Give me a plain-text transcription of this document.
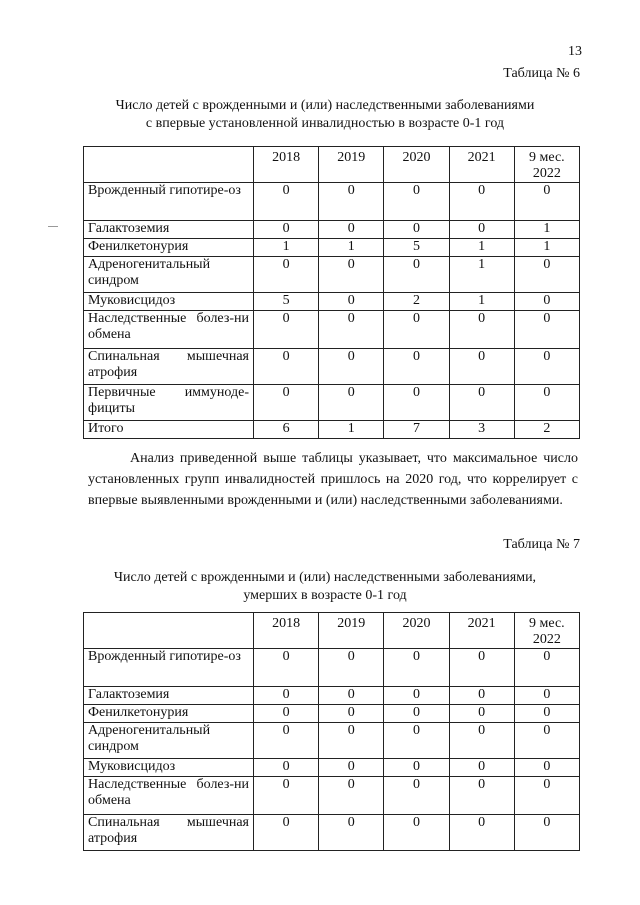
13
Таблица № 6
Число детей с врожденными и (или) наследственными заболеваниями
с впервые установленной инвалидностью в возрасте 0-1 год
	2018	2019	2020	2021	9 мес. 2022
Врожденный гипотире-оз	0	0	0	0	0
Галактоземия	0	0	0	0	1
Фенилкетонурия	1	1	5	1	1
Адреногенитальный синдром	0	0	0	1	0
Муковисцидоз	5	0	2	1	0
Наследственные болез-ни обмена	0	0	0	0	0
Спинальная мышечная атрофия	0	0	0	0	0
Первичные иммуноде-фициты	0	0	0	0	0
Итого	6	1	7	3	2
Анализ приведенной выше таблицы указывает, что максимальное число установленных групп инвалидностей пришлось на 2020 год, что коррелирует с впервые выявленными врожденными и (или) наследственными заболеваниями.
Таблица № 7
Число детей с врожденными и (или) наследственными заболеваниями,
умерших в возрасте 0-1 год
	2018	2019	2020	2021	9 мес. 2022
Врожденный гипотире-оз	0	0	0	0	0
Галактоземия	0	0	0	0	0
Фенилкетонурия	0	0	0	0	0
Адреногенитальный синдром	0	0	0	0	0
Муковисцидоз	0	0	0	0	0
Наследственные болез-ни обмена	0	0	0	0	0
Спинальная мышечная атрофия	0	0	0	0	0
